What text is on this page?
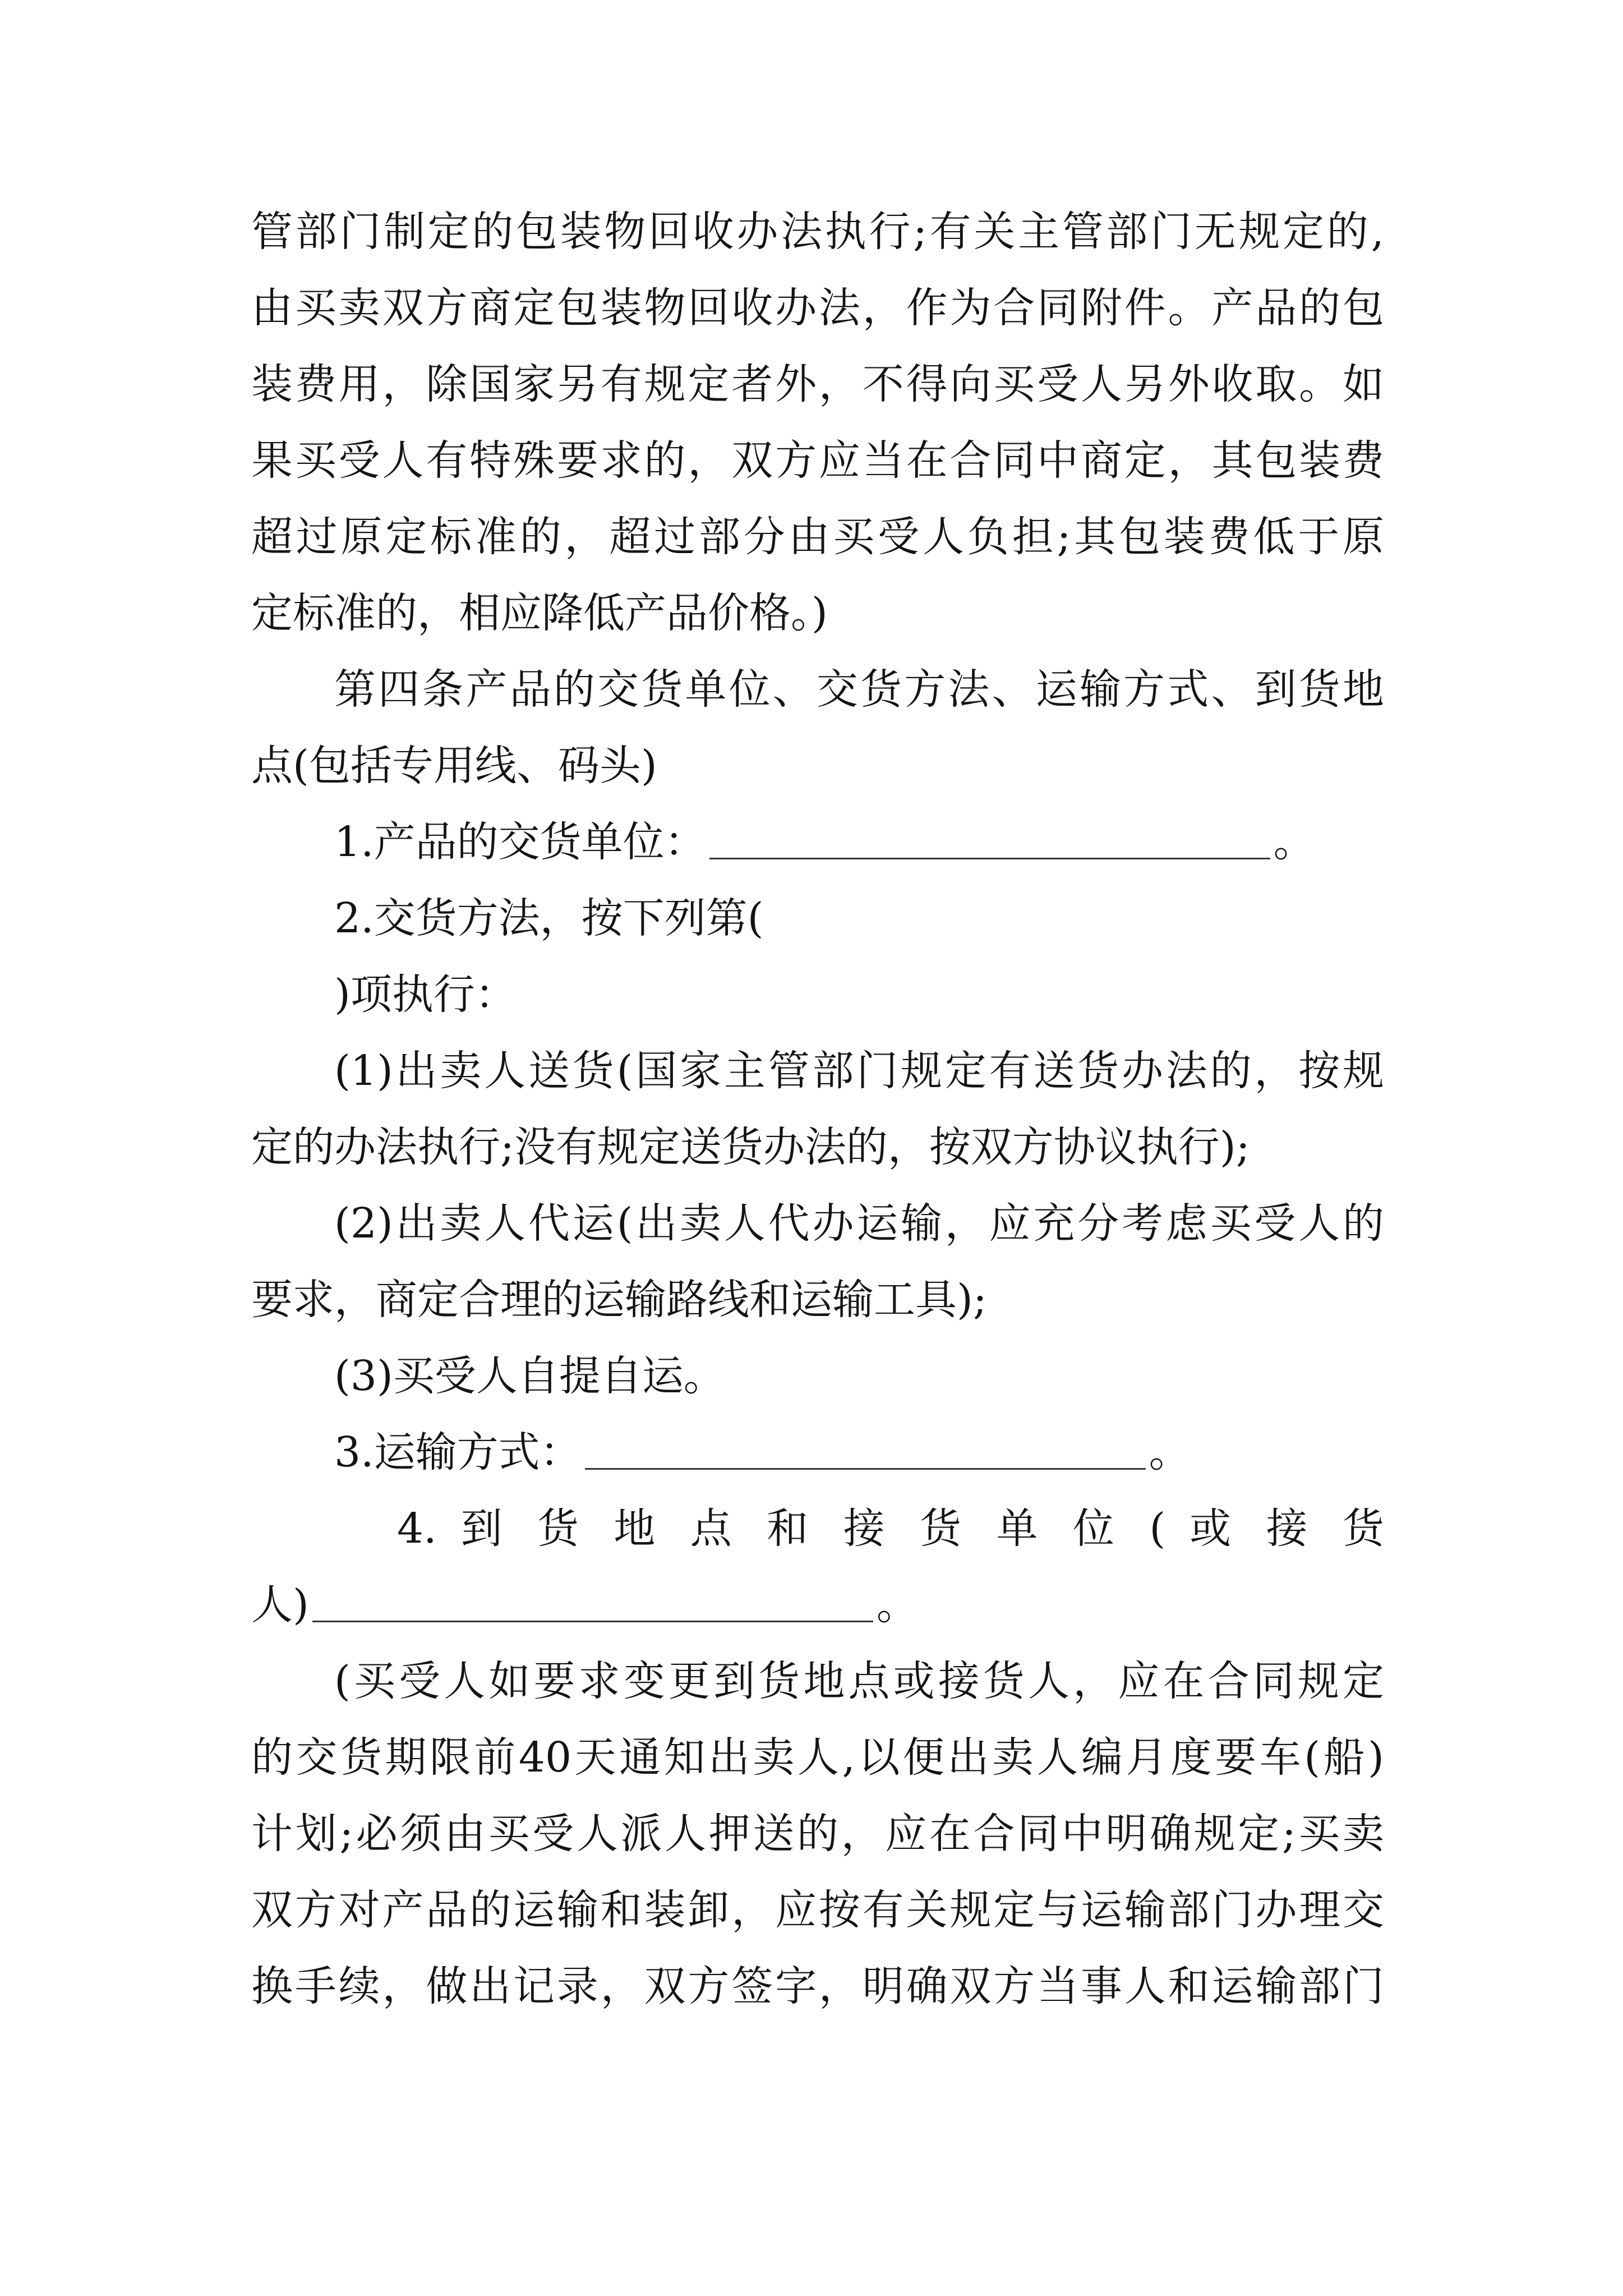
管部门制定的包装物回收办法执行;有关主管部门无规定的,
由买卖双方商定包装物回收办法，作为合同附件。产品的包
装费用，除国家另有规定者外，不得向买受人另外收取。如
果买受人有特殊要求的，双方应当在合同中商定，其包装费
超过原定标准的，超过部分由买受人负担;其包装费低于原
定标准的，相应降低产品价格。)
第四条产品的交货单位、交货方法、运输方式、到货地
点(包括专用线、码头)
1.产品的交货单位：	。
2.交货方法，按下列第(
)项执行：
(1)出卖人送货(国家主管部门规定有送货办法的，按规
定的办法执行;没有规定送货办法的，按双方协议执行);
(2)出卖人代运(出卖人代办运输，应充分考虑买受人的
要求，商定合理的运输路线和运输工具);
(3)买受人自提自运。
3.运输方式：	。
4. 到 货 地 点 和 接 货 单 位 ( 或 接 货
人)	。
(买受人如要求变更到货地点或接货人，应在合同规定
的交货期限前40天通知出卖人,以便出卖人编月度要车(船)
计划;必须由买受人派人押送的，应在合同中明确规定;买卖
双方对产品的运输和装卸，应按有关规定与运输部门办理交
换手续，做出记录，双方签字，明确双方当事人和运输部门
